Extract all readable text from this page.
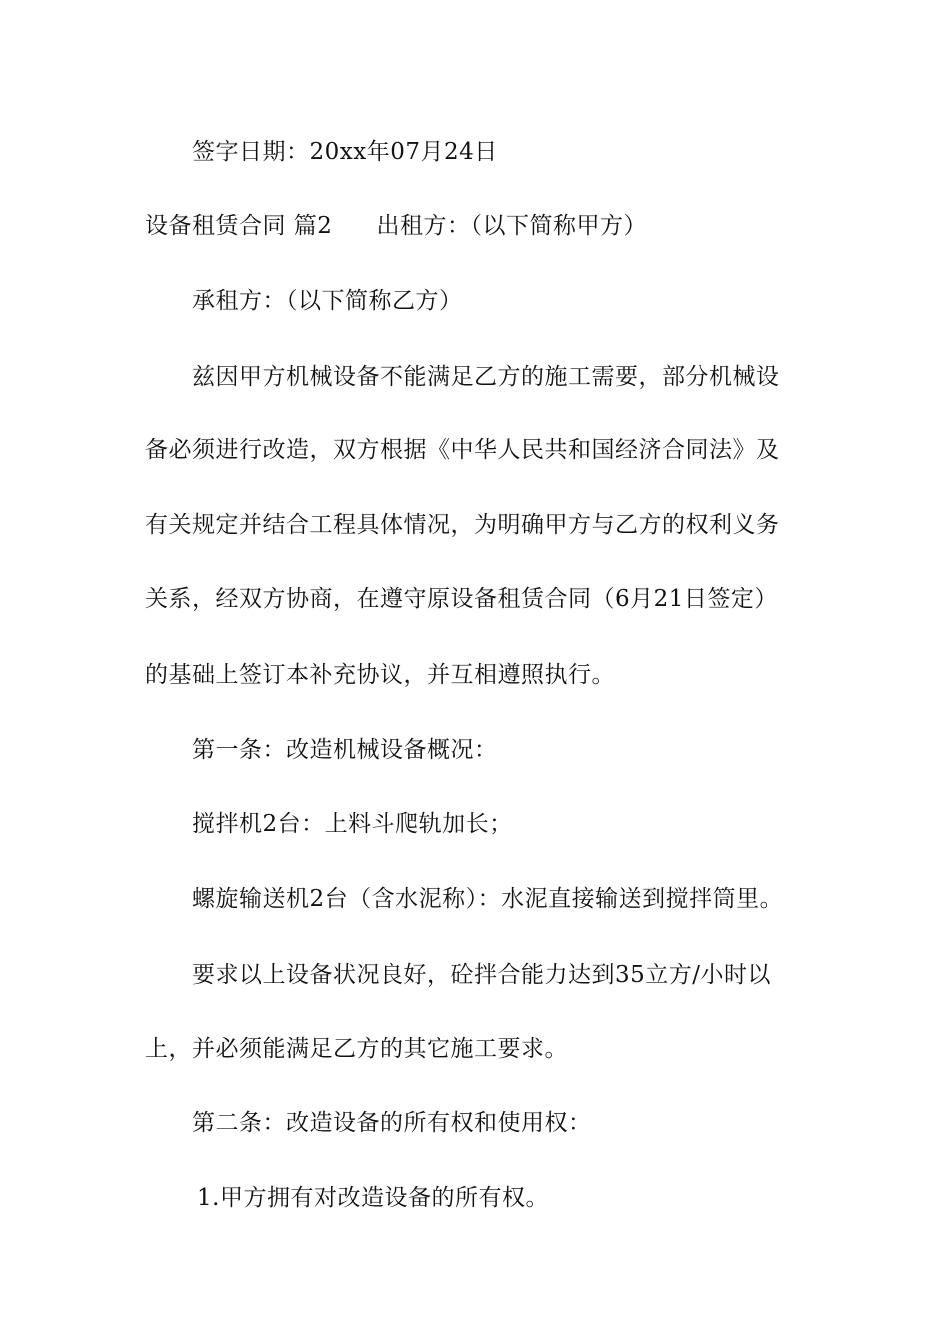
签字日期：20xx年07月24日
设备租赁合同 篇2 出租方：（以下简称甲方）
承租方：（以下简称乙方）
兹因甲方机械设备不能满足乙方的施工需要，部分机械设
备必须进行改造，双方根据《中华人民共和国经济合同法》及
有关规定并结合工程具体情况，为明确甲方与乙方的权利义务
关系，经双方协商，在遵守原设备租赁合同（6月21日签定）
的基础上签订本补充协议，并互相遵照执行。
第一条：改造机械设备概况：
搅拌机2台：上料斗爬轨加长；
螺旋输送机2台（含水泥称）：水泥直接输送到搅拌筒里。
要求以上设备状况良好，砼拌合能力达到35立方/小时以
上，并必须能满足乙方的其它施工要求。
第二条：改造设备的所有权和使用权：
1.甲方拥有对改造设备的所有权。
